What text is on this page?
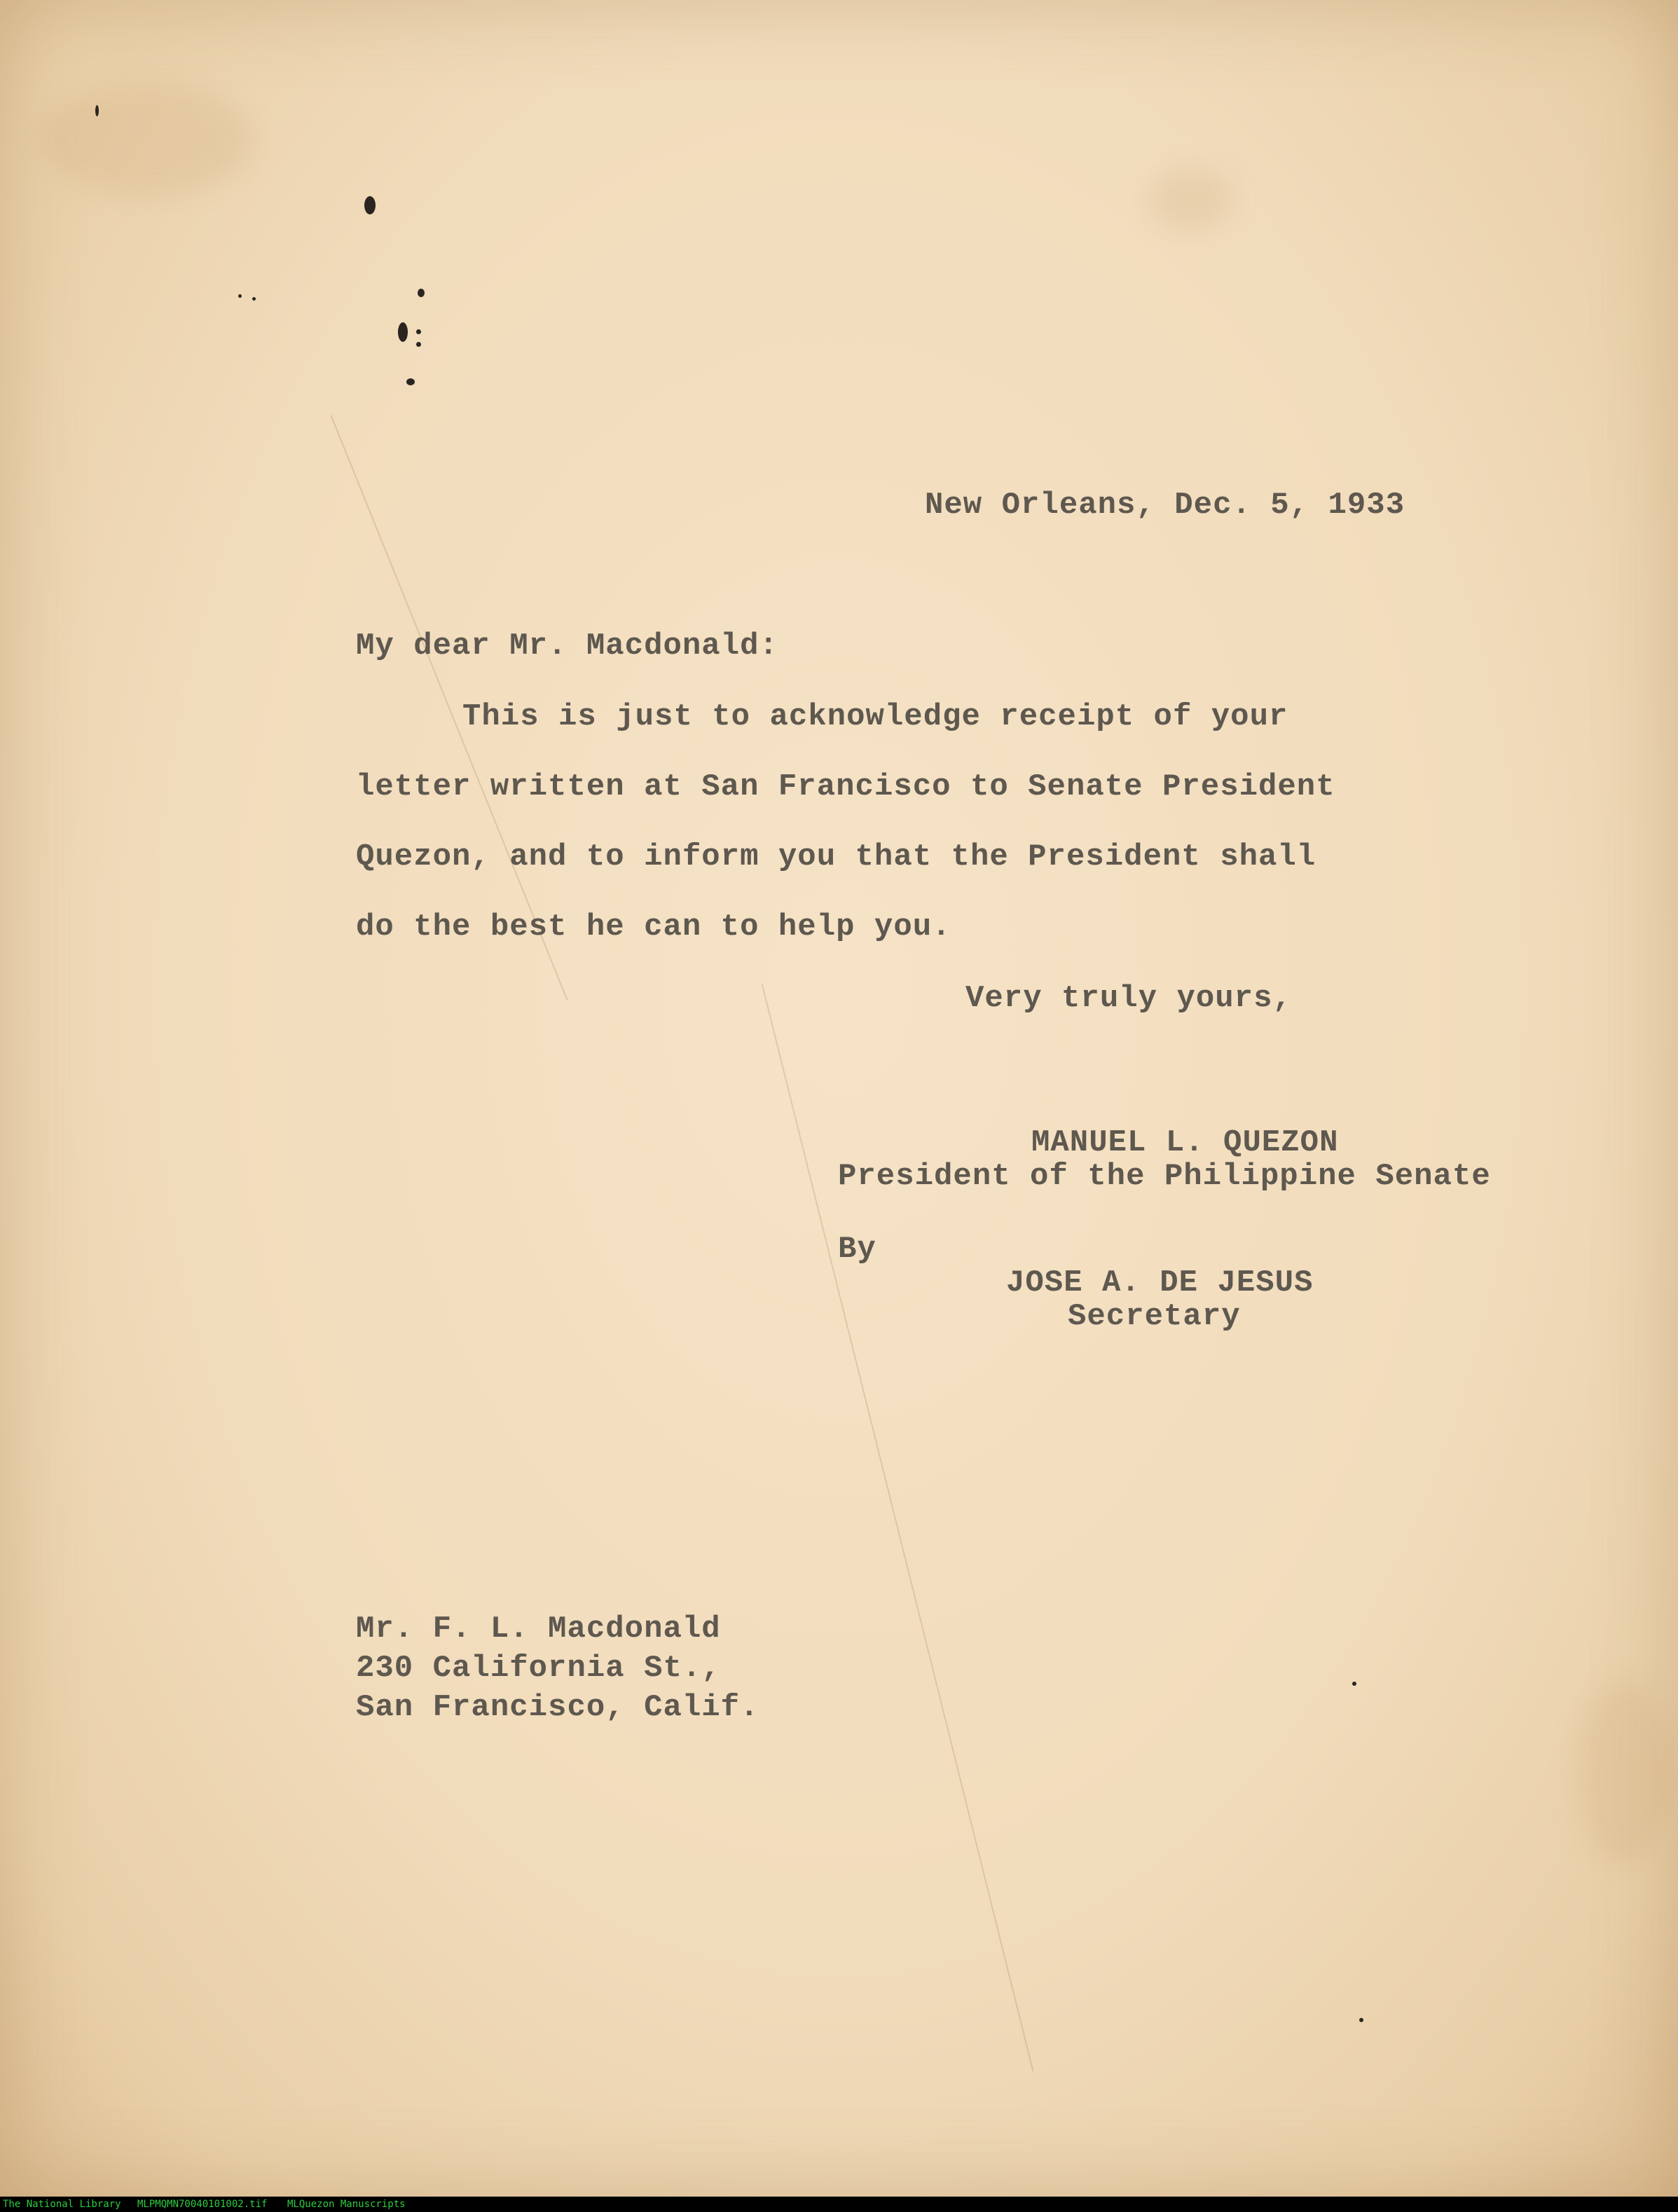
New Orleans, Dec. 5, 1933
My dear Mr. Macdonald:
This is just to acknowledge receipt of your
letter written at San Francisco to Senate President
Quezon, and to inform you that the President shall
do the best he can to help you.
Very truly yours,
MANUEL L. QUEZON
President of the Philippine Senate
By
JOSE A. DE JESUS
Secretary
Mr. F. L. Macdonald
230 California St.,
San Francisco, Calif.
The National Library MLPMQMN70040101002.tif MLQuezon Manuscripts
